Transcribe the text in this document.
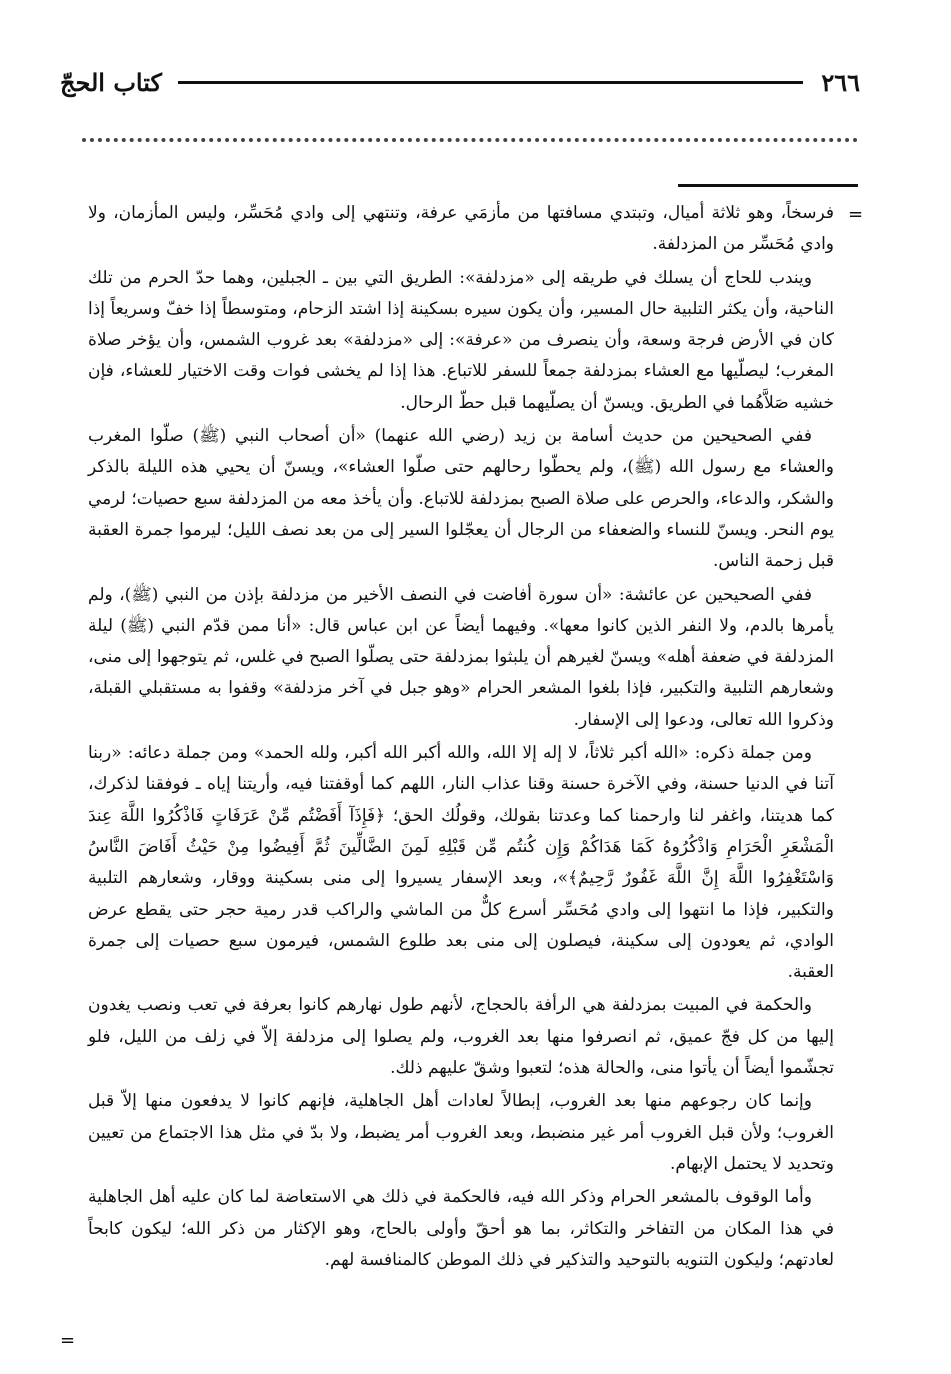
٢٦٦
كتاب الحجّ
=

فرسخاً، وهو ثلاثة أميال، وتبتدي مسافتها من مأزمَي عرفة، وتنتهي إلى وادي مُحَسِّر، وليس المأزمان، ولا وادي مُحَسِّر من المزدلفة.

ويندب للحاج أن يسلك في طريقه إلى «مزدلفة»: الطريق التي بين ـ الجبلين، وهما حدّ الحرم من تلك الناحية، وأن يكثر التلبية حال المسير، وأن يكون سيره بسكينة إذا اشتد الزحام، ومتوسطاً إذا خفّ وسريعاً إذا كان في الأرض فرجة وسعة، وأن ينصرف من «عرفة»: إلى «مزدلفة» بعد غروب الشمس، وأن يؤخر صلاة المغرب؛ ليصلّيها مع العشاء بمزدلفة جمعاً للسفر للاتباع. هذا إذا لم يخشى فوات وقت الاختيار للعشاء، فإن خشيه صَلاَّهُما في الطريق. ويسنّ أن يصلّيهما قبل حطّ الرحال.

ففي الصحيحين من حديث أسامة بن زيد (رضي الله عنهما) «أن أصحاب النبي (ﷺ) صلّوا المغرب والعشاء مع رسول الله (ﷺ)، ولم يحطّوا رحالهم حتى صلّوا العشاء»، ويسنّ أن يحيي هذه الليلة بالذكر والشكر، والدعاء، والحرص على صلاة الصبح بمزدلفة للاتباع. وأن يأخذ معه من المزدلفة سبع حصيات؛ لرمي يوم النحر. ويسنّ للنساء والضعفاء من الرجال أن يعجّلوا السير إلى من بعد نصف الليل؛ ليرموا جمرة العقبة قبل زحمة الناس.

ففي الصحيحين عن عائشة: «أن سورة أفاضت في النصف الأخير من مزدلفة بإذن من النبي (ﷺ)، ولم يأمرها بالدم، ولا النفر الذين كانوا معها». وفيهما أيضاً عن ابن عباس قال: «أنا ممن قدّم النبي (ﷺ) ليلة المزدلفة في ضعفة أهله» ويسنّ لغيرهم أن يلبثوا بمزدلفة حتى يصلّوا الصبح في غلس، ثم يتوجهوا إلى منى، وشعارهم التلبية والتكبير، فإذا بلغوا المشعر الحرام «وهو جبل في آخر مزدلفة» وقفوا به مستقبلي القبلة، وذكروا الله تعالى، ودعوا إلى الإسفار.

ومن جملة ذكره: «الله أكبر ثلاثاً، لا إله إلا الله، والله أكبر الله أكبر، ولله الحمد» ومن جملة دعائه: «ربنا آتنا في الدنيا حسنة، وفي الآخرة حسنة وقنا عذاب النار، اللهم كما أوقفتنا فيه، وأريتنا إياه ـ فوفقنا لذكرك، كما هديتنا، واغفر لنا وارحمنا كما وعدتنا بقولك، وقولُك الحق؛ ﴿فَإِذَآ أَفَضْتُم مِّنْ عَرَفَاتٍ فَاذْكُرُوا اللَّهَ عِندَ الْمَشْعَرِ الْحَرَامِ وَاذْكُرُوهُ كَمَا هَدَاكُمْ وَإِن كُنتُم مِّن قَبْلِهِ لَمِنَ الضَّالِّينَ ثُمَّ أَفِيضُوا مِنْ حَيْثُ أَفَاضَ النَّاسُ وَاسْتَغْفِرُوا اللَّهَ إِنَّ اللَّهَ غَفُورٌ رَّحِيمٌ﴾»، وبعد الإسفار يسيروا إلى منى بسكينة ووقار، وشعارهم التلبية والتكبير، فإذا ما انتهوا إلى وادي مُحَسِّر أسرع كلٌّ من الماشي والراكب قدر رمية حجر حتى يقطع عرض الوادي، ثم يعودون إلى سكينة، فيصلون إلى منى بعد طلوع الشمس، فيرمون سبع حصيات إلى جمرة العقبة.

والحكمة في المبيت بمزدلفة هي الرأفة بالحجاج، لأنهم طول نهارهم كانوا بعرفة في تعب ونصب يغدون إليها من كل فجّ عميق، ثم انصرفوا منها بعد الغروب، ولم يصلوا إلى مزدلفة إلاّ في زلف من الليل، فلو تجشّموا أيضاً أن يأتوا منى، والحالة هذه؛ لتعبوا وشقّ عليهم ذلك.

وإنما كان رجوعهم منها بعد الغروب، إبطالاً لعادات أهل الجاهلية، فإنهم كانوا لا يدفعون منها إلاّ قبل الغروب؛ ولأن قبل الغروب أمر غير منضبط، وبعد الغروب أمر يضبط، ولا بدّ في مثل هذا الاجتماع من تعيين وتحديد لا يحتمل الإبهام.

وأما الوقوف بالمشعر الحرام وذكر الله فيه، فالحكمة في ذلك هي الاستعاضة لما كان عليه أهل الجاهلية في هذا المكان من التفاخر والتكاثر، بما هو أحقّ وأولى بالحاج، وهو الإكثار من ذكر الله؛ ليكون كابحاً لعادتهم؛ وليكون التنويه بالتوحيد والتذكير في ذلك الموطن كالمنافسة لهم.

=
